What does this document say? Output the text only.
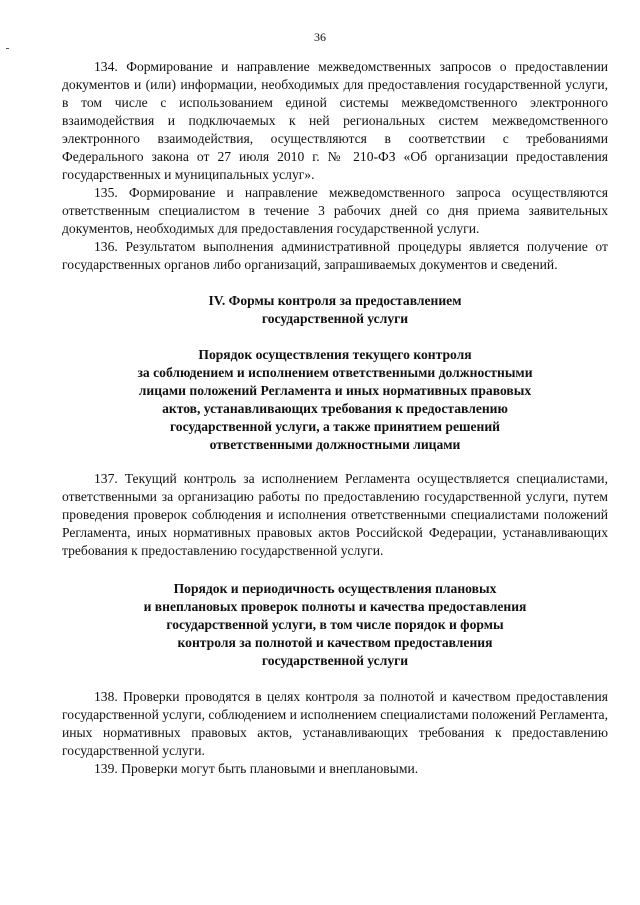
36

134. Формирование и направление межведомственных запросов о предоставлении документов и (или) информации, необходимых для предоставления государственной услуги, в том числе с использованием единой системы межведомственного электронного взаимодействия и подключаемых к ней региональных систем межведомственного электронного взаимодействия, осуществляются в соответствии с требованиями Федерального закона от 27 июля 2010 г. № 210-ФЗ «Об организации предоставления государственных и муниципальных услуг».

135. Формирование и направление межведомственного запроса осуществляются ответственным специалистом в течение 3 рабочих дней со дня приема заявительных документов, необходимых для предоставления государственной услуги.

136. Результатом выполнения административной процедуры является получение от государственных органов либо организаций, запрашиваемых документов и сведений.

IV. Формы контроля за предоставлением
государственной услуги
Порядок осуществления текущего контроля
за соблюдением и исполнением ответственными должностными
лицами положений Регламента и иных нормативных правовых
актов, устанавливающих требования к предоставлению
государственной услуги, а также принятием решений
ответственными должностными лицами

137. Текущий контроль за исполнением Регламента осуществляется специалистами, ответственными за организацию работы по предоставлению государственной услуги, путем проведения проверок соблюдения и исполнения ответственными специалистами положений Регламента, иных нормативных правовых актов Российской Федерации, устанавливающих требования к предоставлению государственной услуги.

Порядок и периодичность осуществления плановых
и внеплановых проверок полноты и качества предоставления
государственной услуги, в том числе порядок и формы
контроля за полнотой и качеством предоставления
государственной услуги

138. Проверки проводятся в целях контроля за полнотой и качеством предоставления государственной услуги, соблюдением и исполнением специалистами положений Регламента, иных нормативных правовых актов, устанавливающих требования к предоставлению государственной услуги.

139. Проверки могут быть плановыми и внеплановыми.
